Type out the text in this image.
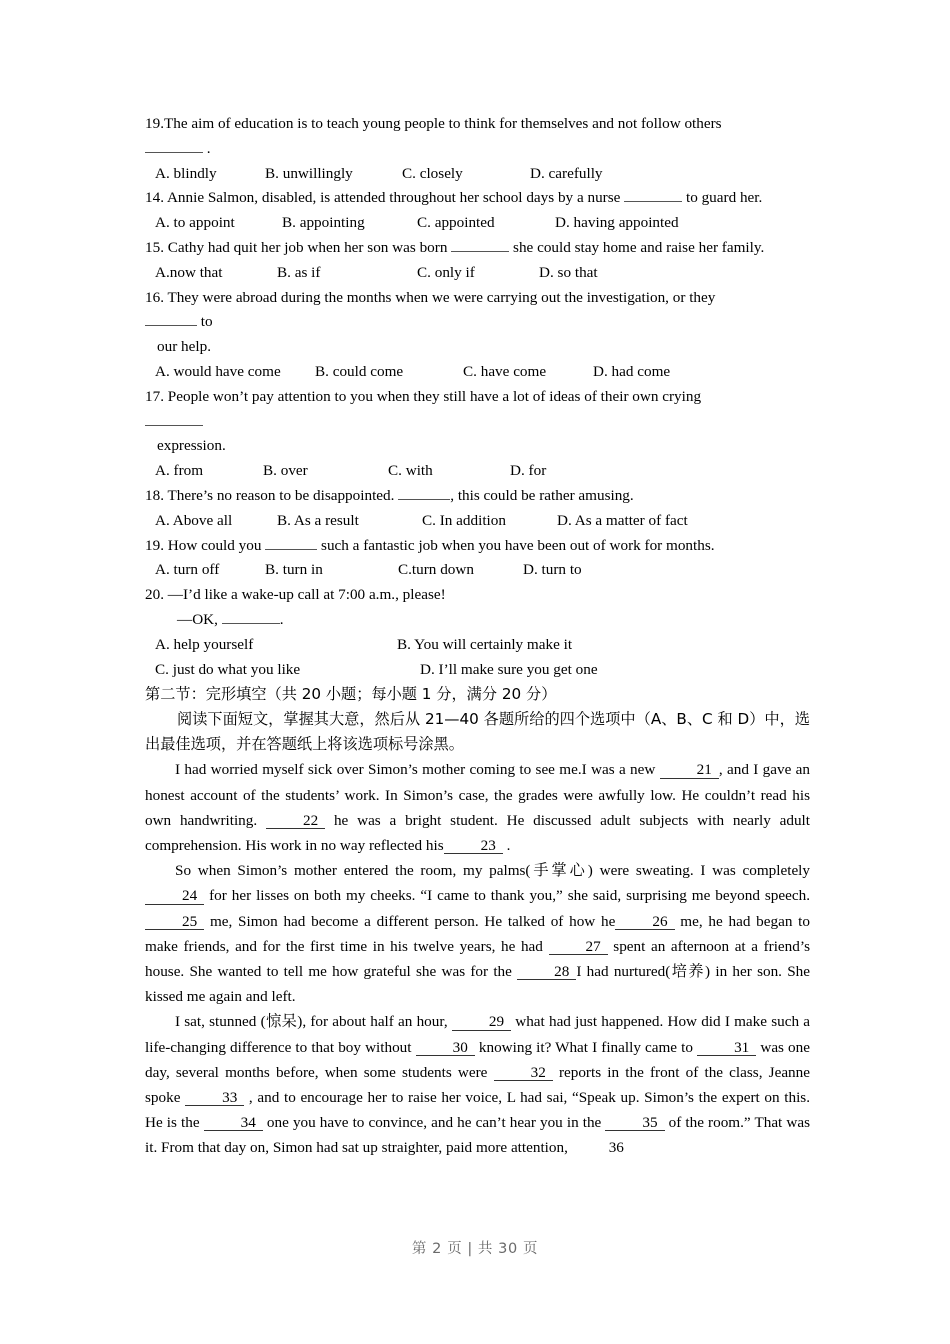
19.The aim of education is to teach young people to think for themselves and not follow others

.

A. blindly	B. unwillingly	C. closely	D. carefully

14. Annie Salmon, disabled, is attended throughout her school days by a nurse	to guard her.

A. to appoint	B. appointing	C. appointed	D. having appointed

15. Cathy had quit her job when her son was born	she could stay home and raise her family.

A.now that	B. as if	C. only if	D. so that

16. They were abroad during the months when we were carrying out the investigation, or they

to

our help.

A. would have come B. could come	C. have come	D. had come

17. People won’t pay attention to you when they still have a lot of ideas of their own crying

expression.

A. from	B. over	C. with	D. for

18. There’s no reason to be disappointed.	, this could be rather amusing.

A. Above all	B. As a result	C. In addition	D. As a matter of fact

19. How could you	such a fantastic job when you have been out of work for months.

A. turn off	B. turn in	C.turn down	D. turn to

20. —I’d like a wake-up call at 7:00 a.m., please!

—OK,	.

A. help yourself	B. You will certainly make it

C. just do what you like	D. I’ll make sure you get one

第二节：完形填空（共 20 小题；每小题 1 分，满分 20 分）

阅读下面短文，掌握其大意，然后从 21—40 各题所给的四个选项中（A、B、C 和 D）中，选出最佳选项，并在答题纸上将该选项标号涂黑。

I had worried myself sick over Simon’s mother coming to see me.I was a new 21 , and I gave an honest account of the students’ work. In Simon’s case, the grades were awfully low. He couldn’t read his own handwriting. 22 he was a bright student. He discussed adult subjects with nearly adult comprehension. His work in no way reflected his 23 .

So when Simon’s mother entered the room, my palms(手掌心) were sweating. I was completely24 for her lisses on both my cheeks. “I came to thank you,” she said, surprising me beyond speech. 25 me, Simon had become a different person. He talked of how he 26 me, he had began to make friends, and for the first time in his twelve years, he had 27 spent an afternoon at a friend’s house. She wanted to tell me how grateful she was for the 28 I had nurtured(培养) in her son. She kissed me again and left.

I sat, stunned (惊呆), for about half an hour, 29 what had just happened. How did I make such a life-changing difference to that boy without 30 knowing it? What I finally came to 31 was one day, several months before, when some students were 32 reports in the front of the class, Jeanne spoke 33 , and to encourage her to raise her voice, L had sai, “Speak up. Simon’s the expert on this. He is the 34 one you have to convince, and he can’t hear you in the 35 of the room.” That was it. From that day on, Simon had sat up straighter, paid more attention, 36

第 2 页 | 共 30 页
